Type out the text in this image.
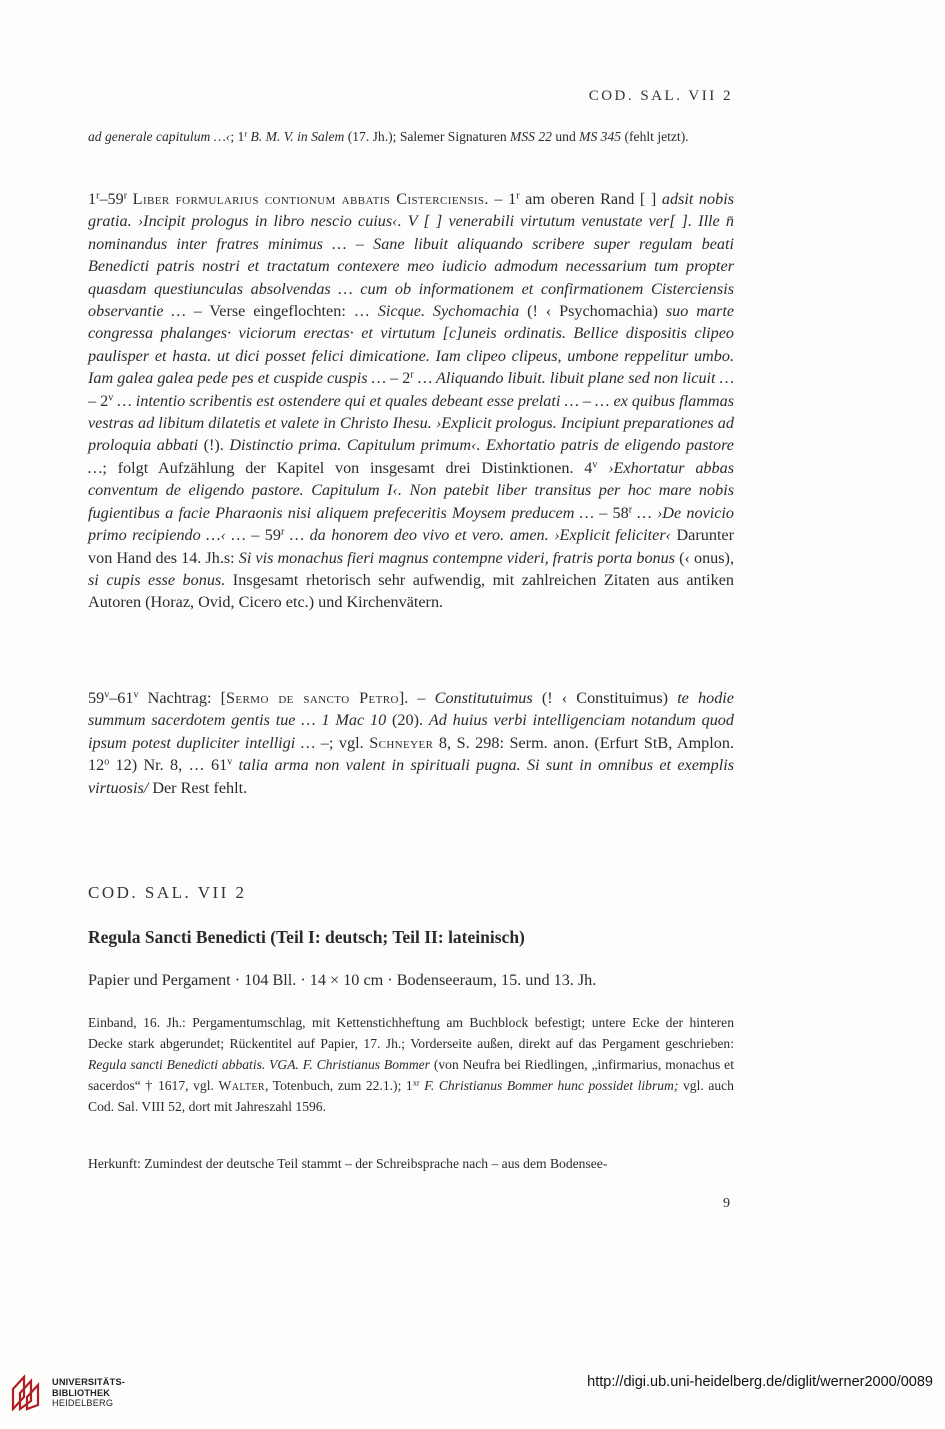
COD. SAL. VII 2

ad generale capitulum …‹; 1$^r$ B. M. V. in Salem (17. Jh.); Salemer Signaturen MSS 22 und MS 345 (fehlt jetzt).

1$^r$–59$^r$ Liber formularius contionum abbatis Cisterciensis. – 1$^r$ am oberen Rand [ ] adsit nobis gratia. ›Incipit prologus in libro nescio cuius‹. V [ ] venerabili virtutum venustate ver[ ]. Ille n̄ nominandus inter fratres minimus … – Sane libuit aliquando scribere super regulam beati Benedicti patris nostri et tractatum contexere meo iudicio admodum necessarium tum propter quasdam questiunculas absolvendas … cum ob informationem et confirmationem Cisterciensis observantie … – Verse eingeflochten: … Sicque. Sychomachia (! ‹ Psychomachia) suo marte congressa phalanges· viciorum erectas· et virtutum [c]uneis ordinatis. Bellice dispositis clipeo paulisper et hasta. ut dici posset felici dimicatione. Iam clipeo clipeus, umbone reppelitur umbo. Iam galea galea pede pes et cuspide cuspis … – 2$^r$ … Aliquando libuit. libuit plane sed non licuit … – 2$^v$ … intentio scribentis est ostendere qui et quales debeant esse prelati … – … ex quibus flammas vestras ad libitum dilatetis et valete in Christo Ihesu. ›Explicit prologus. Incipiunt preparationes ad proloquia abbati (!). Distinctio prima. Capitulum primum‹. Exhortatio patris de eligendo pastore …; folgt Aufzählung der Kapitel von insgesamt drei Distinktionen. 4$^v$ ›Exhortatur abbas conventum de eligendo pastore. Capitulum I‹. Non patebit liber transitus per hoc mare nobis fugientibus a facie Pharaonis nisi aliquem prefeceritis Moysem preducem … – 58$^r$ … ›De novicio primo recipiendo …‹ … – 59$^r$ … da honorem deo vivo et vero. amen. ›Explicit feliciter‹ Darunter von Hand des 14. Jh.s: Si vis monachus fieri magnus contempne videri, fratris porta bonus (‹ onus), si cupis esse bonus. Insgesamt rhetorisch sehr aufwendig, mit zahlreichen Zitaten aus antiken Autoren (Horaz, Ovid, Cicero etc.) und Kirchenvätern.

59$^v$–61$^v$ Nachtrag: [Sermo de sancto Petro]. – Constitutuimus (! ‹ Constituimus) te hodie summum sacerdotem gentis tue … 1 Mac 10 (20). Ad huius verbi intelligenciam notandum quod ipsum potest dupliciter intelligi … –; vgl. Schneyer 8, S. 298: Serm. anon. (Erfurt StB, Amplon. 12$^o$ 12) Nr. 8, … 61$^v$ talia arma non valent in spirituali pugna. Si sunt in omnibus et exemplis virtuosis/ Der Rest fehlt.

COD. SAL. VII 2
Regula Sancti Benedicti (Teil I: deutsch; Teil II: lateinisch)
Papier und Pergament · 104 Bll. · 14 × 10 cm · Bodenseeraum, 15. und 13. Jh.

Einband, 16. Jh.: Pergamentumschlag, mit Kettenstichheftung am Buchblock befestigt; untere Ecke der hinteren Decke stark abgerundet; Rückentitel auf Papier, 17. Jh.; Vorderseite außen, direkt auf das Pergament geschrieben: Regula sancti Benedicti abbatis. VGA. F. Christianus Bommer (von Neufra bei Riedlingen, „infirmarius, monachus et sacerdos“ † 1617, vgl. Walter, Totenbuch, zum 22.1.); $1^{xr}$ F. Christianus Bommer hunc possidet librum; vgl. auch Cod. Sal. VIII 52, dort mit Jahreszahl 1596.

Herkunft: Zumindest der deutsche Teil stammt – der Schreibsprache nach – aus dem Bodensee-

9
UNIVERSITÄTS-
BIBLIOTHEK
HEIDELBERG
http://digi.ub.uni-heidelberg.de/diglit/werner2000/0089
